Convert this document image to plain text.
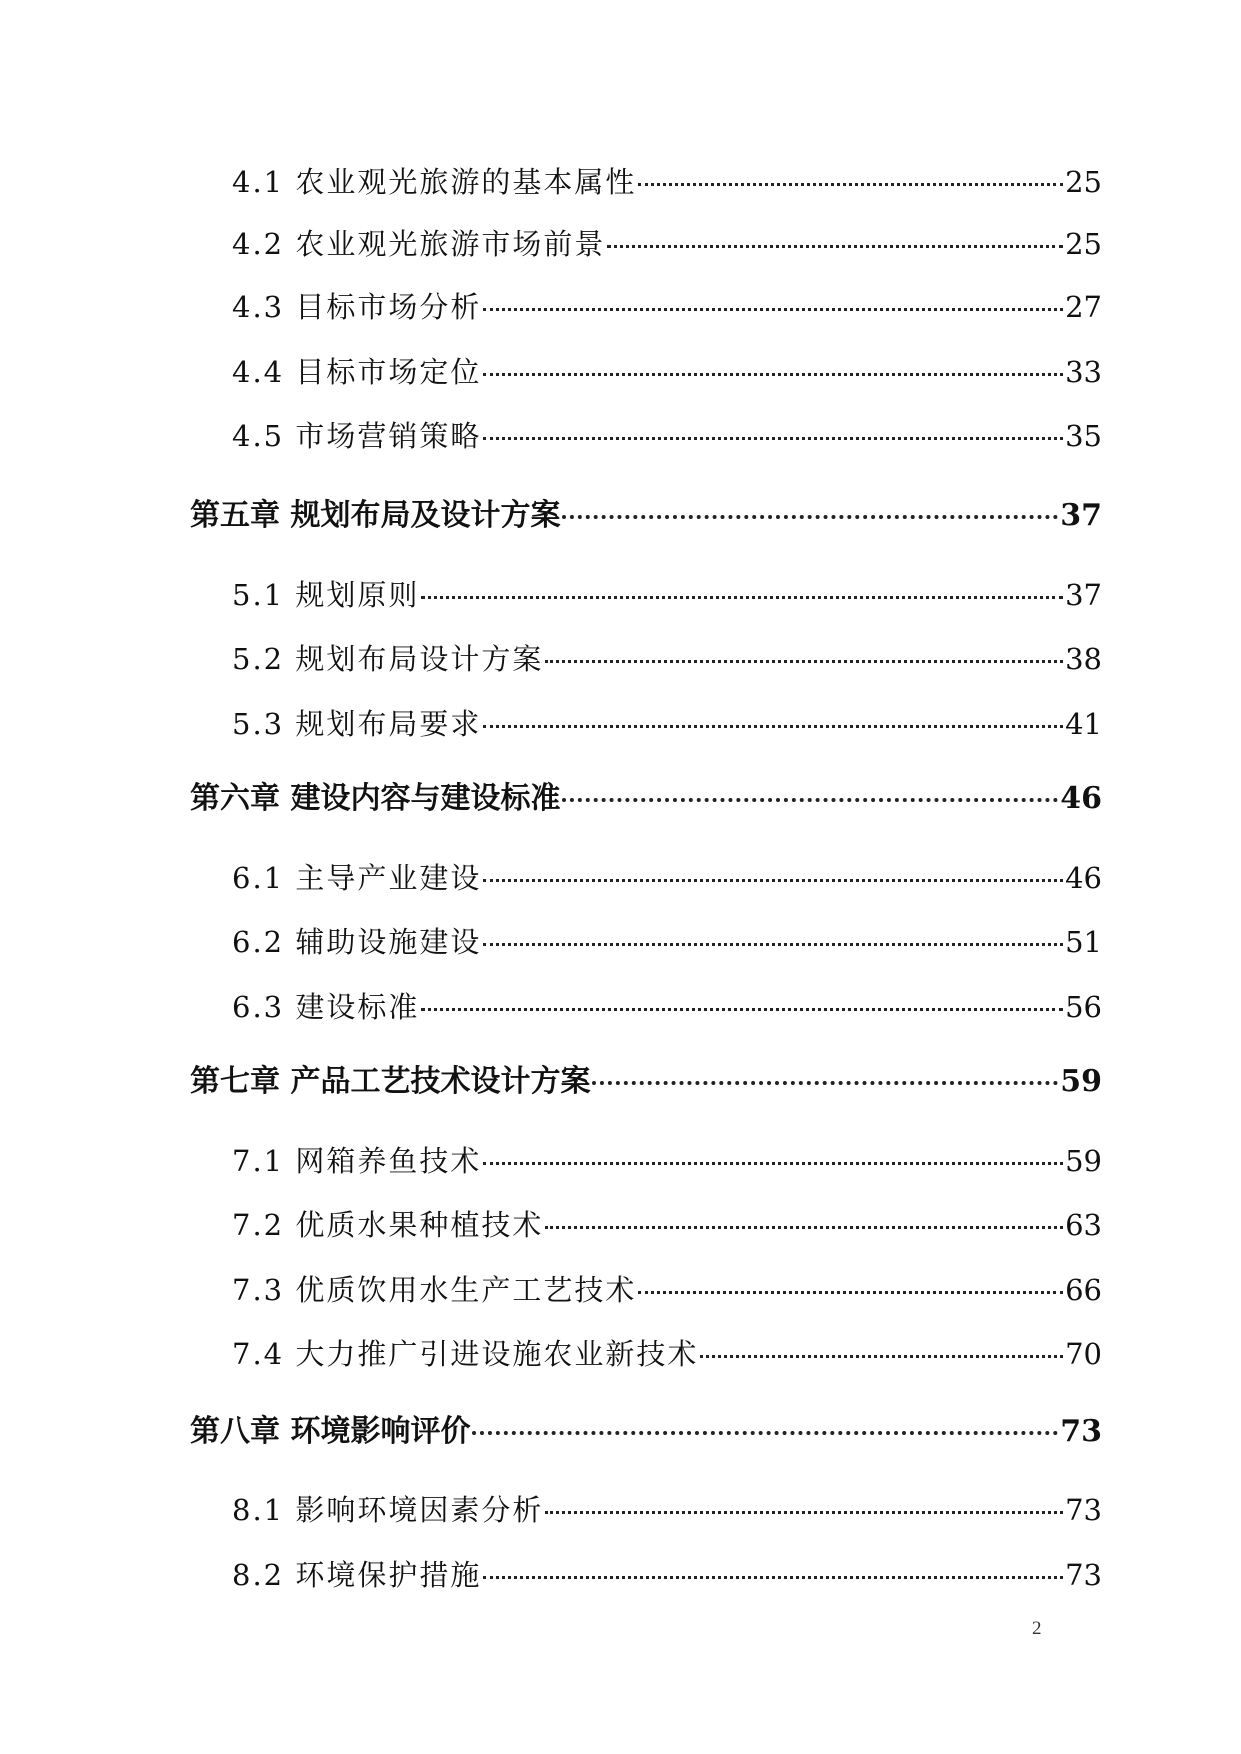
4.1 农业观光旅游的基本属性	25
4.2 农业观光旅游市场前景	25
4.3 目标市场分析	27
4.4 目标市场定位	33
4.5 市场营销策略	35
第五章 规划布局及设计方案	37
5.1 规划原则	37
5.2 规划布局设计方案	38
5.3 规划布局要求	41
第六章 建设内容与建设标准	46
6.1 主导产业建设	46
6.2 辅助设施建设	51
6.3 建设标准	56
第七章 产品工艺技术设计方案	59
7.1 网箱养鱼技术	59
7.2 优质水果种植技术	63
7.3 优质饮用水生产工艺技术	66
7.4 大力推广引进设施农业新技术	70
第八章 环境影响评价	73
8.1 影响环境因素分析	73
8.2 环境保护措施	73
2
